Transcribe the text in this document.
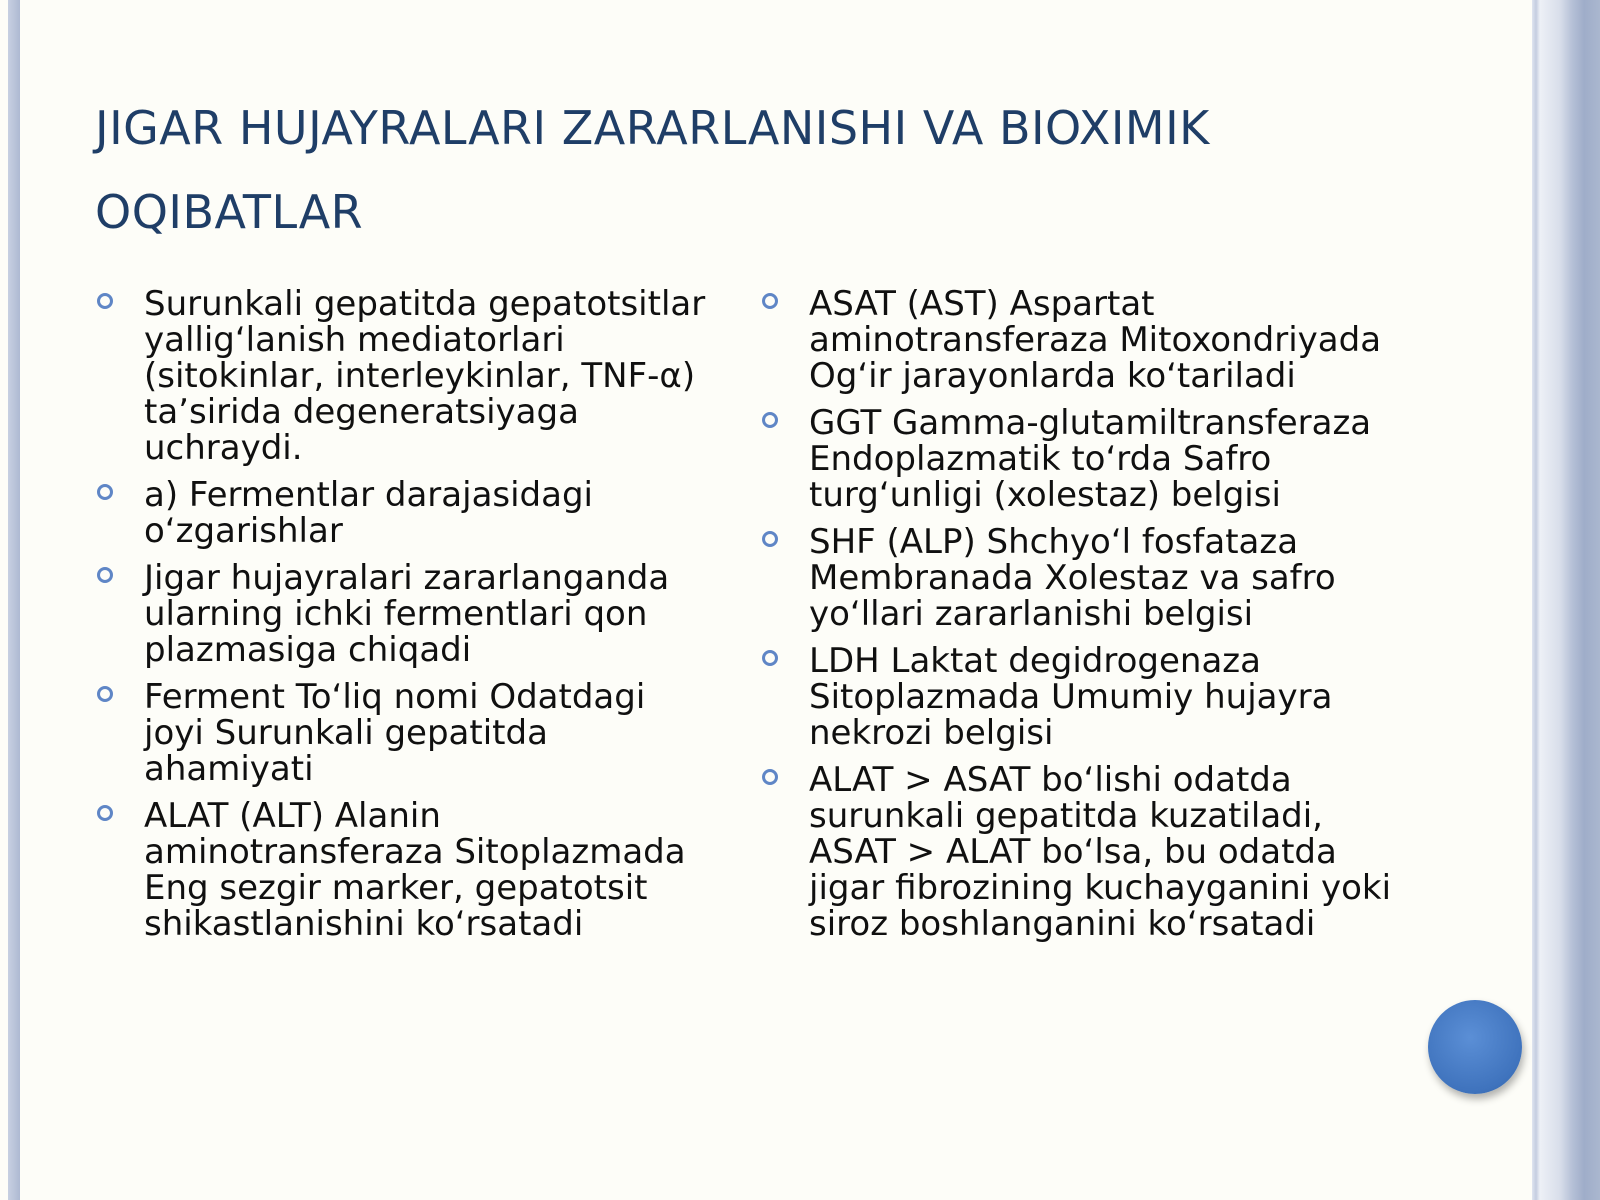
JIGAR HUJAYRALARI ZARARLANISHI VA BIOXIMIK OQIBATLAR
Surunkali gepatitda gepatotsitlar yallig‘lanish mediatorlari (sitokinlar, interleykinlar, TNF-α) ta’sirida degeneratsiyaga uchraydi.
a) Fermentlar darajasidagi o‘zgarishlar
Jigar hujayralari zararlanganda ularning ichki fermentlari qon plazmasiga chiqadi
Ferment To‘liq nomi Odatdagi joyi Surunkali gepatitda ahamiyati
ALAT (ALT) Alanin aminotransferaza Sitoplazmada Eng sezgir marker, gepatotsit shikastlanishini ko‘rsatadi
ASAT (AST) Aspartat aminotransferaza Mitoxondriyada Og‘ir jarayonlarda ko‘tariladi
GGT Gamma-glutamiltransferaza Endoplazmatik to‘rda Safro turg‘unligi (xolestaz) belgisi
SHF (ALP) Shchyo‘l fosfataza Membranada Xolestaz va safro yo‘llari zararlanishi belgisi
LDH Laktat degidrogenaza Sitoplazmada Umumiy hujayra nekrozi belgisi
ALAT > ASAT bo‘lishi odatda surunkali gepatitda kuzatiladi, ASAT > ALAT bo‘lsa, bu odatda jigar fibrozining kuchayganini yoki siroz boshlanganini ko‘rsatadi
